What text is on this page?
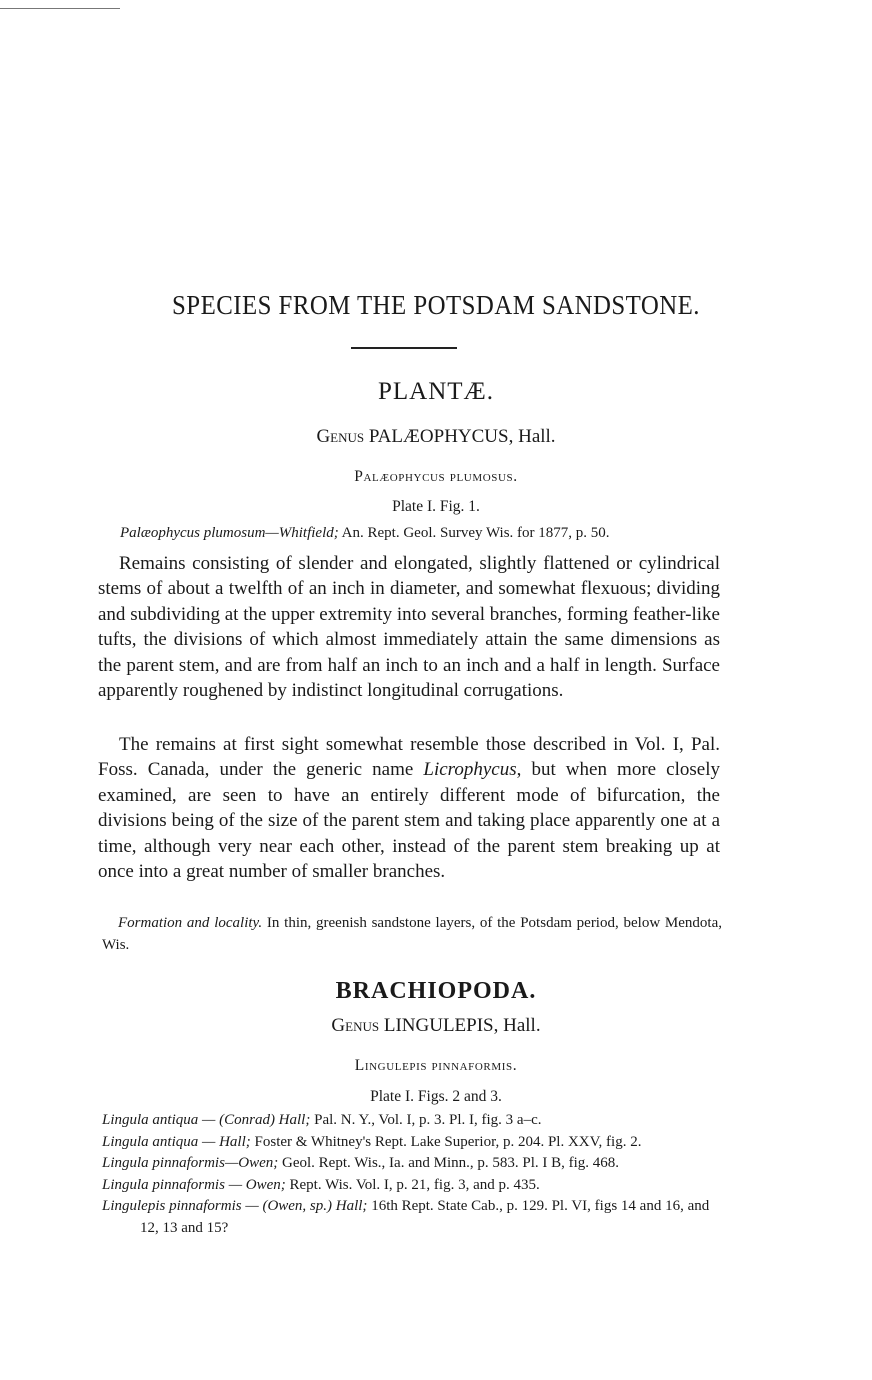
SPECIES FROM THE POTSDAM SANDSTONE.
PLANTÆ.
Genus PALÆOPHYCUS, Hall.
Palæophycus plumosus.
Plate I. Fig. 1.
Palæophycus plumosum—Whitfield; An. Rept. Geol. Survey Wis. for 1877, p. 50.

Remains consisting of slender and elongated, slightly flattened or cylindrical stems of about a twelfth of an inch in diameter, and somewhat flexuous; dividing and subdividing at the upper extremity into several branches, forming feather-like tufts, the divisions of which almost immediately attain the same dimensions as the parent stem, and are from half an inch to an inch and a half in length. Surface apparently roughened by indistinct longitudinal corrugations.

The remains at first sight somewhat resemble those described in Vol. I, Pal. Foss. Canada, under the generic name Licrophycus, but when more closely examined, are seen to have an entirely different mode of bifurcation, the divisions being of the size of the parent stem and taking place apparently one at a time, although very near each other, instead of the parent stem breaking up at once into a great number of smaller branches.

Formation and locality. In thin, greenish sandstone layers, of the Potsdam period, below Mendota, Wis.

BRACHIOPODA.
Genus LINGULEPIS, Hall.
Lingulepis pinnaformis.
Plate I. Figs. 2 and 3.
Lingula antiqua — (Conrad) Hall; Pal. N. Y., Vol. I, p. 3. Pl. I, fig. 3 a–c.
Lingula antiqua — Hall; Foster & Whitney's Rept. Lake Superior, p. 204. Pl. XXV, fig. 2.
Lingula pinnaformis—Owen; Geol. Rept. Wis., Ia. and Minn., p. 583. Pl. I B, fig. 468.
Lingula pinnaformis — Owen; Rept. Wis. Vol. I, p. 21, fig. 3, and p. 435.
Lingulepis pinnaformis — (Owen, sp.) Hall; 16th Rept. State Cab., p. 129. Pl. VI, figs 14 and 16, and 12, 13 and 15?
